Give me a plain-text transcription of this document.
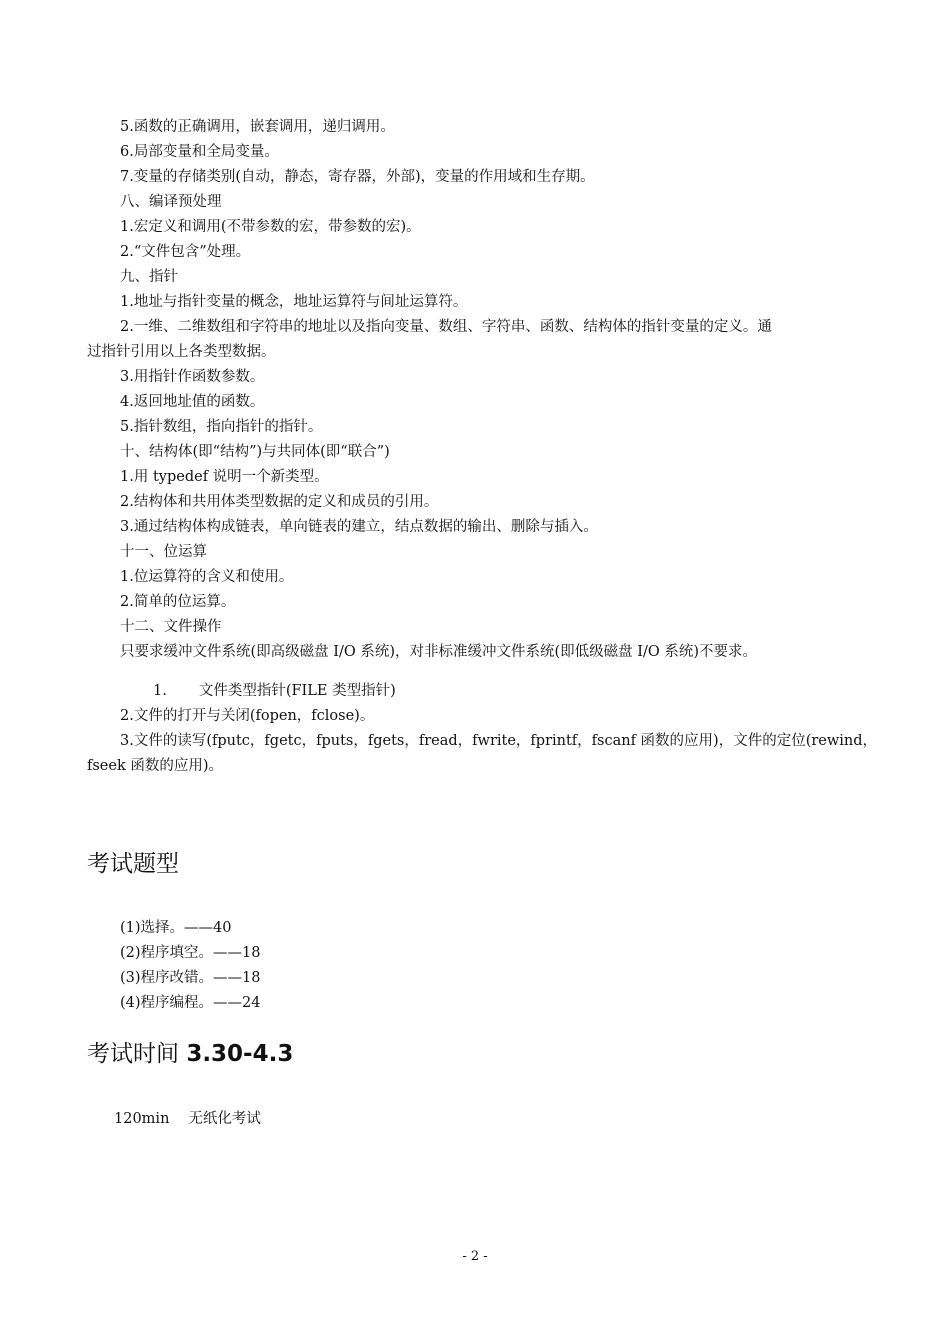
5.函数的正确调用，嵌套调用，递归调用。
6.局部变量和全局变量。
7.变量的存储类别(自动，静态，寄存器，外部)，变量的作用域和生存期。
八、编译预处理
1.宏定义和调用(不带参数的宏，带参数的宏)。
2.“文件包含”处理。
九、指针
1.地址与指针变量的概念，地址运算符与间址运算符。
2.一维、二维数组和字符串的地址以及指向变量、数组、字符串、函数、结构体的指针变量的定义。通
过指针引用以上各类型数据。
3.用指针作函数参数。
4.返回地址值的函数。
5.指针数组，指向指针的指针。
十、结构体(即“结构”)与共同体(即“联合”)
1.用 typedef 说明一个新类型。
2.结构体和共用体类型数据的定义和成员的引用。
3.通过结构体构成链表，单向链表的建立，结点数据的输出、删除与插入。
十一、位运算
1.位运算符的含义和使用。
2.简单的位运算。
十二、文件操作
只要求缓冲文件系统(即高级磁盘 I/O 系统)，对非标准缓冲文件系统(即低级磁盘 I/O 系统)不要求。
1. 文件类型指针(FILE 类型指针)
2.文件的打开与关闭(fopen，fclose)。
3.文件的读写(fputc，fgetc，fputs，fgets，fread，fwrite，fprintf，fscanf 函数的应用)，文件的定位(rewind，
fseek 函数的应用)。
考试题型
(1)选择。——40
(2)程序填空。——18
(3)程序改错。——18
(4)程序编程。——24
考试时间 3.30-4.3
120min 无纸化考试
- 2 -
